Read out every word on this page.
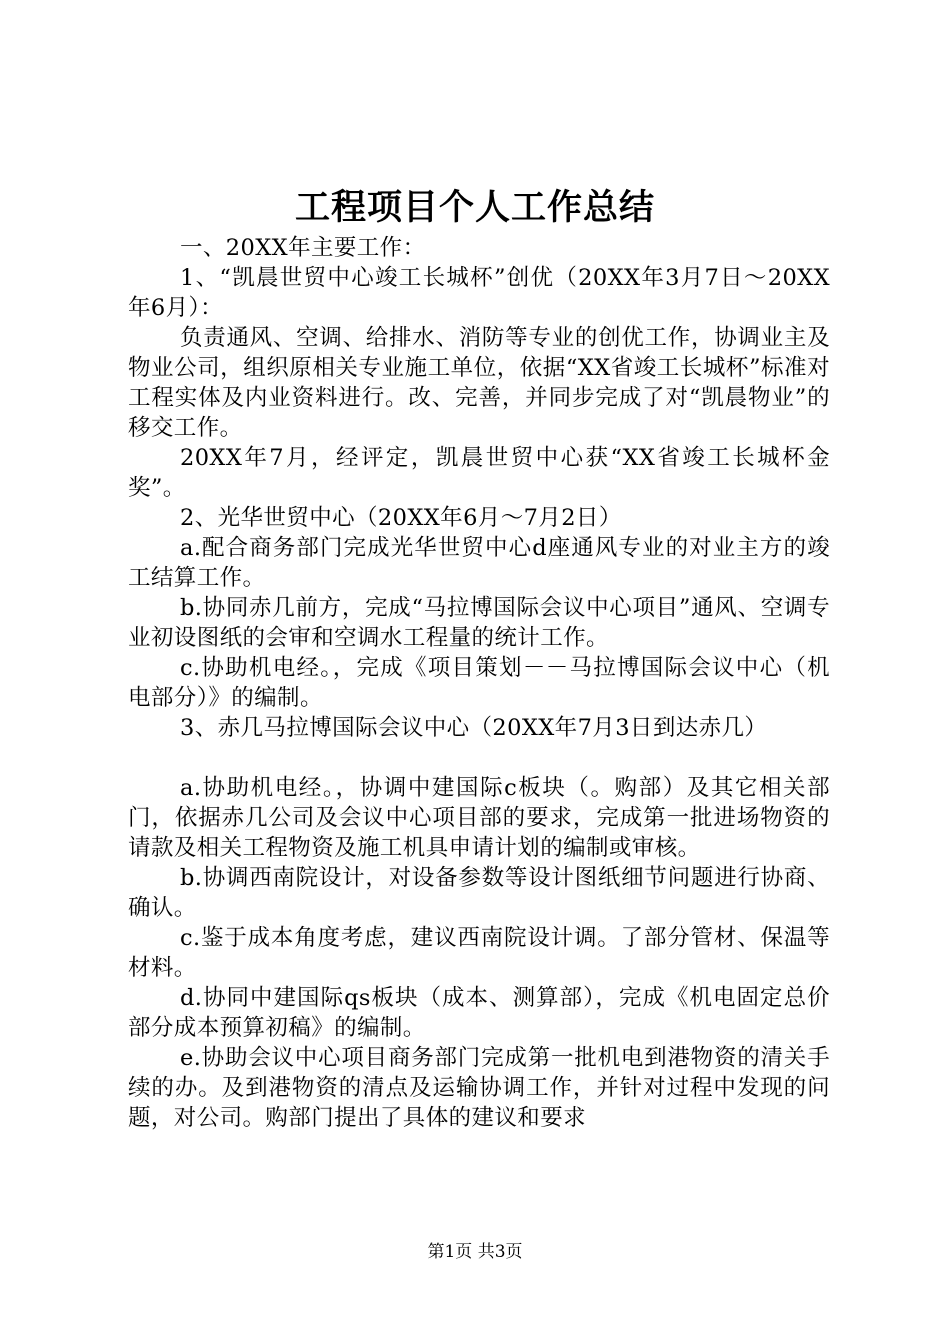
工程项目个人工作总结

一、20XX年主要工作：

1、“凯晨世贸中心竣工长城杯”创优（20XX年3月7日～20XX年6月）：

负责通风、空调、给排水、消防等专业的创优工作，协调业主及物业公司，组织原相关专业施工单位，依据“XX省竣工长城杯”标准对工程实体及内业资料进行。改、完善，并同步完成了对“凯晨物业”的移交工作。

20XX年7月，经评定，凯晨世贸中心获“XX省竣工长城杯金奖”。

2、光华世贸中心（20XX年6月～7月2日）

a.配合商务部门完成光华世贸中心d座通风专业的对业主方的竣工结算工作。

b.协同赤几前方，完成“马拉博国际会议中心项目”通风、空调专业初设图纸的会审和空调水工程量的统计工作。

c.协助机电经。，完成《项目策划－－马拉博国际会议中心（机电部分）》的编制。

3、赤几马拉博国际会议中心（20XX年7月3日到达赤几）

a.协助机电经。，协调中建国际c板块（。购部）及其它相关部门，依据赤几公司及会议中心项目部的要求，完成第一批进场物资的请款及相关工程物资及施工机具申请计划的编制或审核。

b.协调西南院设计，对设备参数等设计图纸细节问题进行协商、确认。

c.鉴于成本角度考虑，建议西南院设计调。了部分管材、保温等材料。

d.协同中建国际qs板块（成本、测算部），完成《机电固定总价部分成本预算初稿》的编制。

e.协助会议中心项目商务部门完成第一批机电到港物资的清关手续的办。及到港物资的清点及运输协调工作，并针对过程中发现的问题，对公司。购部门提出了具体的建议和要求

第1页 共3页
